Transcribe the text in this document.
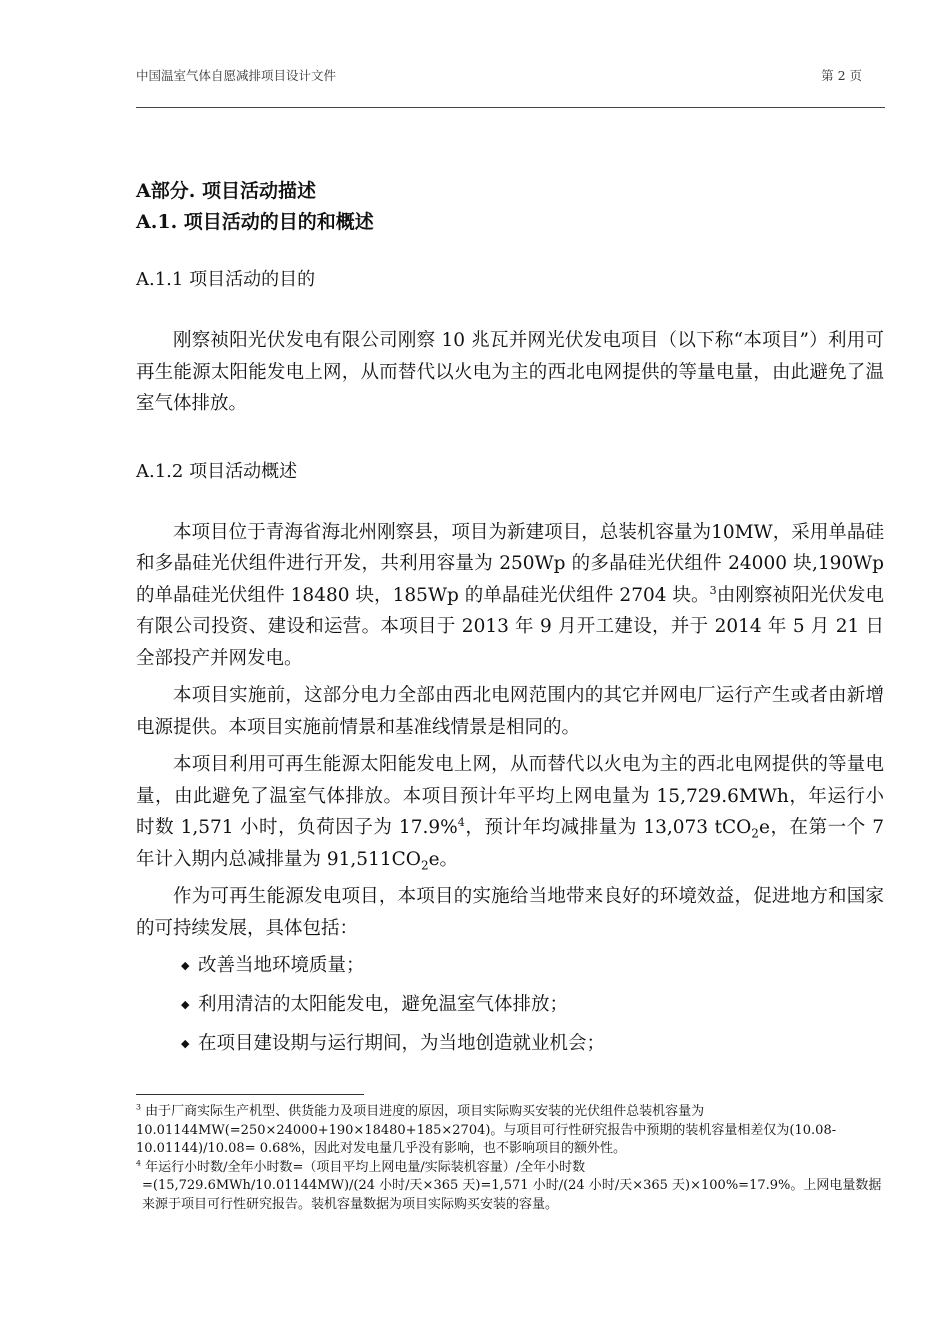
中国温室气体自愿减排项目设计文件	第 2 页
A部分. 项目活动描述
A.1. 项目活动的目的和概述

A.1.1 项目活动的目的

刚察祯阳光伏发电有限公司刚察 10 兆瓦并网光伏发电项目（以下称“本项目”）利用可再生能源太阳能发电上网，从而替代以火电为主的西北电网提供的等量电量，由此避免了温室气体排放。

A.1.2 项目活动概述

本项目位于青海省海北州刚察县，项目为新建项目，总装机容量为10MW，采用单晶硅和多晶硅光伏组件进行开发，共利用容量为 250Wp 的多晶硅光伏组件 24000 块,190Wp 的单晶硅光伏组件 18480 块，185Wp 的单晶硅光伏组件 2704 块。$^3$由刚察祯阳光伏发电有限公司投资、建设和运营。本项目于 2013 年 9 月开工建设，并于 2014 年 5 月 21 日全部投产并网发电。

本项目实施前，这部分电力全部由西北电网范围内的其它并网电厂运行产生或者由新增电源提供。本项目实施前情景和基准线情景是相同的。

本项目利用可再生能源太阳能发电上网，从而替代以火电为主的西北电网提供的等量电量，由此避免了温室气体排放。本项目预计年平均上网电量为 15,729.6MWh，年运行小时数 1,571 小时，负荷因子为 17.9%$^4$，预计年均减排量为 13,073 tCO$_2$e，在第一个 7 年计入期内总减排量为 $91,511CO_2e$。

作为可再生能源发电项目，本项目的实施给当地带来良好的环境效益，促进地方和国家的可持续发展，具体包括：

◆ 改善当地环境质量；
◆ 利用清洁的太阳能发电，避免温室气体排放；
◆ 在项目建设期与运行期间，为当地创造就业机会；

$^3$ 由于厂商实际生产机型、供货能力及项目进度的原因，项目实际购买安装的光伏组件总装机容量为10.01144MW(=250×24000+190×18480+185×2704)。与项目可行性研究报告中预期的装机容量相差仅为(10.08-10.01144)/10.08= 0.68%，因此对发电量几乎没有影响，也不影响项目的额外性。

$^4$ 年运行小时数/全年小时数=（项目平均上网电量/实际装机容量）/全年小时数

=(15,729.6MWh/10.01144MW)/(24 小时/天×365 天)=1,571 小时/(24 小时/天×365 天)×100%=17.9%。上网电量数据来源于项目可行性研究报告。装机容量数据为项目实际购买安装的容量。
